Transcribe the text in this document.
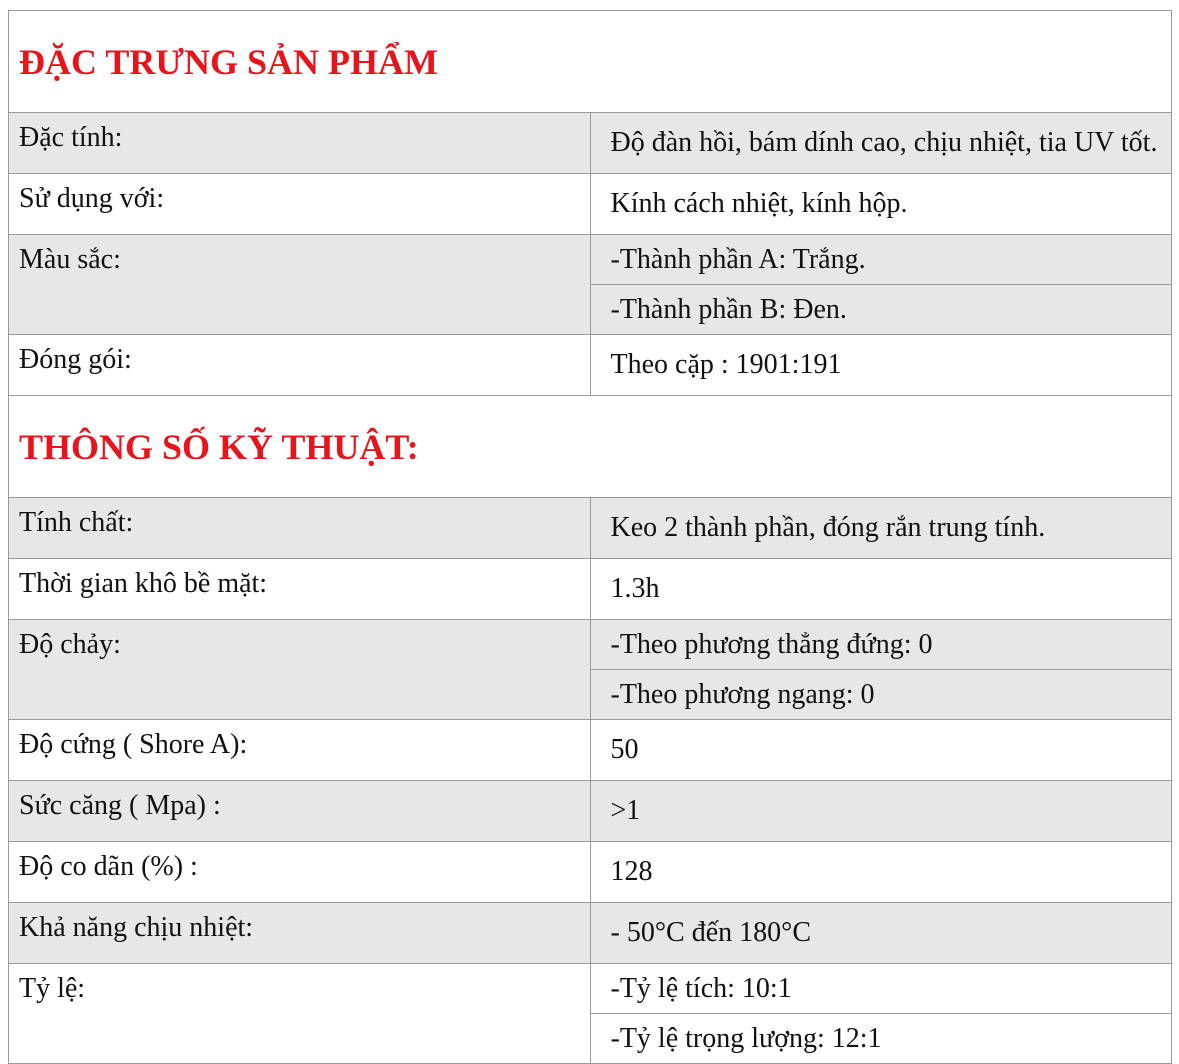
ĐẶC TRƯNG SẢN PHẨM	
Đặc tính:	Độ đàn hồi, bám dính cao, chịu nhiệt, tia UV tốt.
Sử dụng với:	Kính cách nhiệt, kính hộp.
Màu sắc:	-Thành phần A: Trắng.
	-Thành phần B: Đen.
Đóng gói:	Theo cặp : 1901:191
THÔNG SỐ KỸ THUẬT:	
Tính chất:	Keo 2 thành phần, đóng rắn trung tính.
Thời gian khô bề mặt:	1.3h
Độ chảy:	-Theo phương thẳng đứng: 0
	-Theo phương ngang: 0
Độ cứng ( Shore A):	50
Sức căng ( Mpa) :	>1
Độ co dãn (%) :	128
Khả năng chịu nhiệt:	- 50°C đến 180°C
Tỷ lệ:	-Tỷ lệ tích: 10:1
	-Tỷ lệ trọng lượng: 12:1
